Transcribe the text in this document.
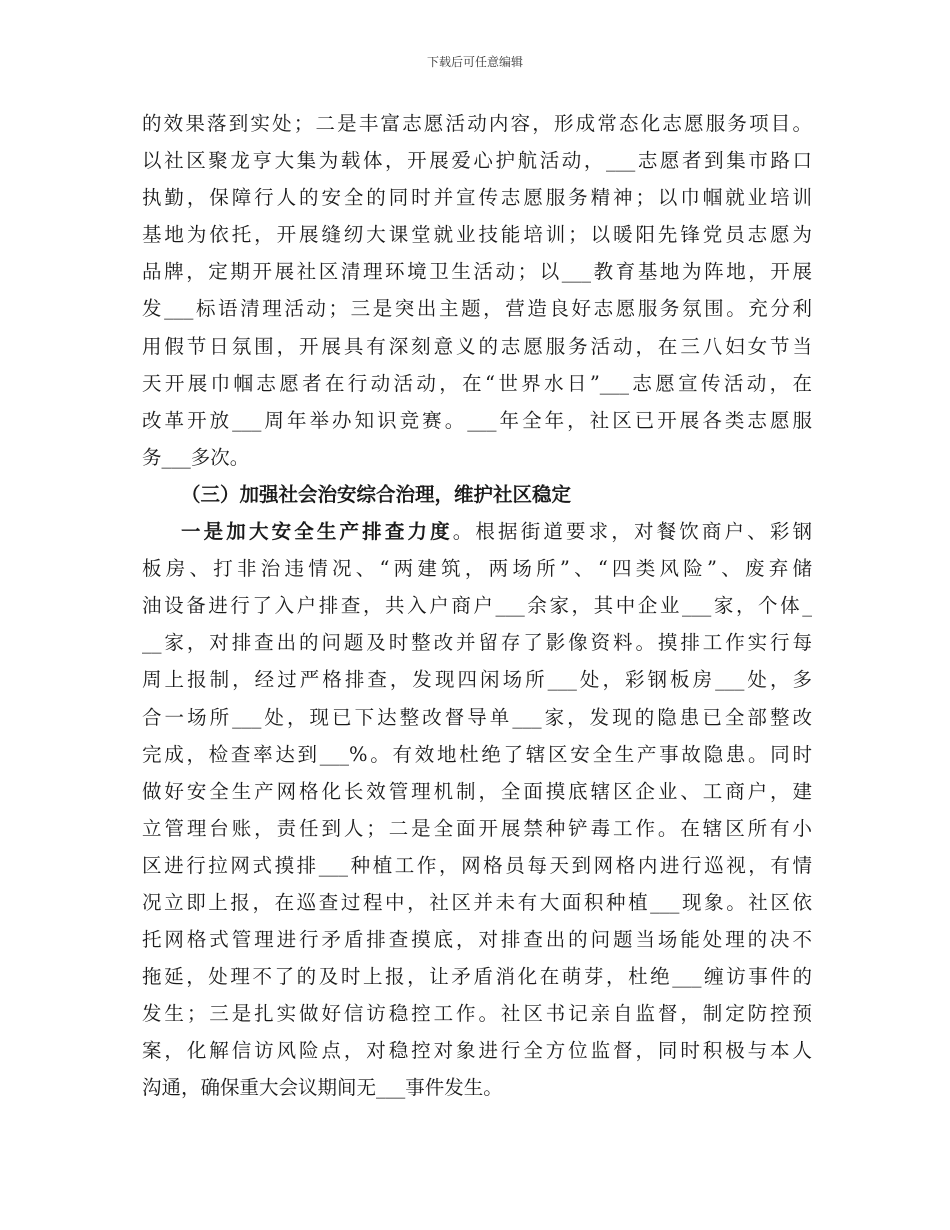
下载后可任意编辑
的效果落到实处；二是丰富志愿活动内容，形成常态化志愿服务项目。
以社区聚龙亨大集为载体，开展爱心护航活动，___志愿者到集市路口
执勤，保障行人的安全的同时并宣传志愿服务精神；以巾帼就业培训
基地为依托，开展缝纫大课堂就业技能培训；以暖阳先锋党员志愿为
品牌，定期开展社区清理环境卫生活动；以___教育基地为阵地，开展
发___标语清理活动；三是突出主题，营造良好志愿服务氛围。充分利
用假节日氛围，开展具有深刻意义的志愿服务活动，在三八妇女节当
天开展巾帼志愿者在行动活动，在“世界水日”___志愿宣传活动，在
改革开放___周年举办知识竞赛。___年全年，社区已开展各类志愿服
务___多次。
（三）加强社会治安综合治理，维护社区稳定
一是加大安全生产排查力度。根据街道要求，对餐饮商户、彩钢
板房、打非治违情况、“两建筑，两场所”、“四类风险”、废弃储
油设备进行了入户排查，共入户商户___余家，其中企业___家，个体_
__家，对排查出的问题及时整改并留存了影像资料。摸排工作实行每
周上报制，经过严格排查，发现四闲场所___处，彩钢板房___处，多
合一场所___处，现已下达整改督导单___家，发现的隐患已全部整改
完成，检查率达到___%。有效地杜绝了辖区安全生产事故隐患。同时
做好安全生产网格化长效管理机制，全面摸底辖区企业、工商户，建
立管理台账，责任到人；二是全面开展禁种铲毒工作。在辖区所有小
区进行拉网式摸排___种植工作，网格员每天到网格内进行巡视，有情
况立即上报，在巡查过程中，社区并未有大面积种植___现象。社区依
托网格式管理进行矛盾排查摸底，对排查出的问题当场能处理的决不
拖延，处理不了的及时上报，让矛盾消化在萌芽，杜绝___缠访事件的
发生；三是扎实做好信访稳控工作。社区书记亲自监督，制定防控预
案，化解信访风险点，对稳控对象进行全方位监督，同时积极与本人
沟通，确保重大会议期间无___事件发生。
